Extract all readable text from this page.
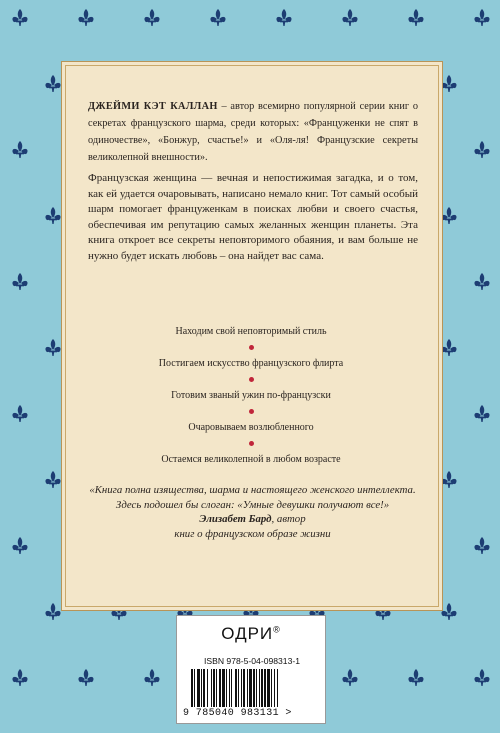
ДЖЕЙМИ КЭТ КАЛЛАН – автор всемирно популярной серии книг о секретах французского шарма, среди которых: «Француженки не спят в одиночестве», «Бонжур, счастье!» и «Оля-ля! Французские секреты великолепной внешности».
Французская женщина — вечная и непостижимая загадка, и о том, как ей удается очаровывать, написано немало книг. Тот самый особый шарм помогает француженкам в поисках любви и своего счастья, обеспечивая им репутацию самых желанных женщин планеты. Эта книга откроет все секреты неповторимого обаяния, и вам больше не нужно будет искать любовь – она найдет вас сама.
Находим свой неповторимый стиль
Постигаем искусство французского флирта
Готовим званый ужин по-французски
Очаровываем возлюбленного
Остаемся великолепной в любом возрасте
«Книга полна изящества, шарма и настоящего женского интеллекта. Здесь подошел бы слоган: «Умные девушки получают все!»
Элизабет Бард, автор
книг о французском образе жизни
ОДРИ®
ISBN 978-5-04-098313-1
9 785040 983131 >
